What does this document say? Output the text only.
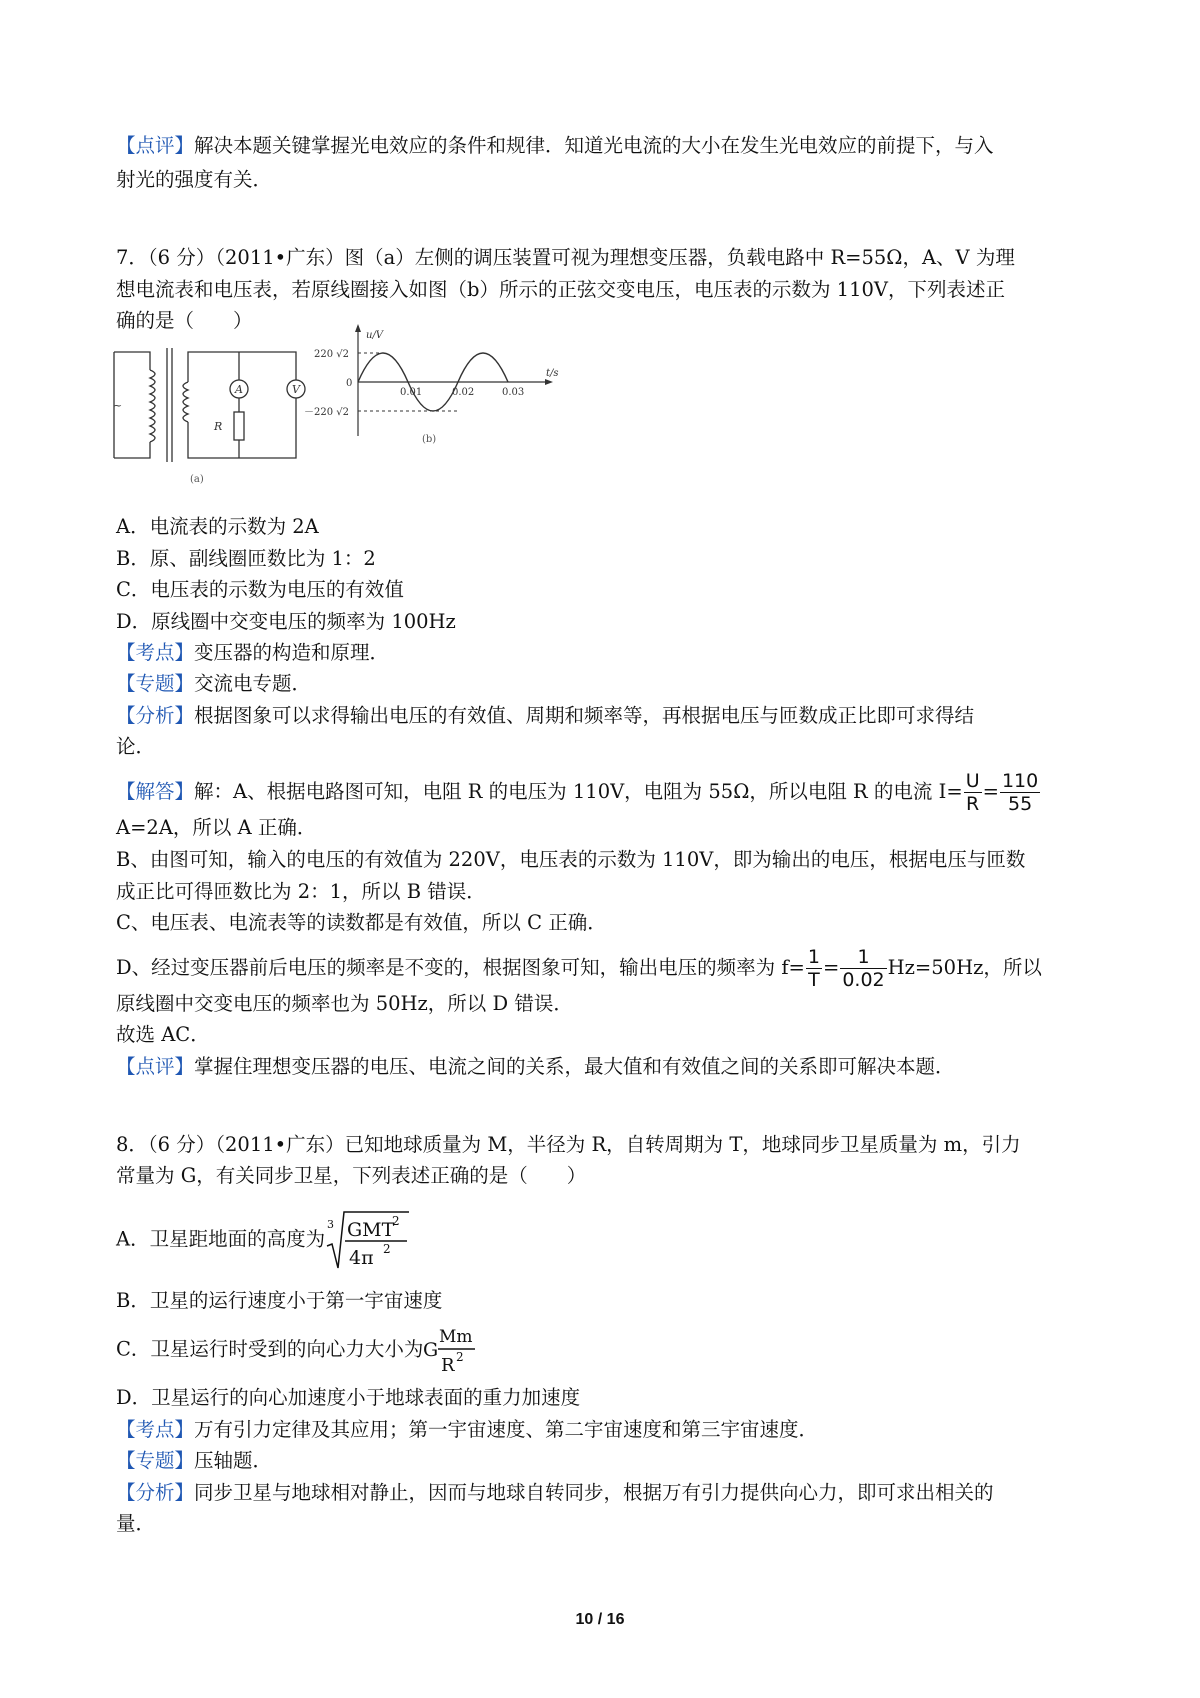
【点评】解决本题关键掌握光电效应的条件和规律．知道光电流的大小在发生光电效应的前提下，与入
射光的强度有关．
7．（6 分）（2011•广东）图（a）左侧的调压装置可视为理想变压器，负载电路中 R=55Ω，A、V 为理
想电流表和电压表，若原线圈接入如图（b）所示的正弦交变电压，电压表的示数为 110V，下列表述正
确的是（　　）
~
A	V
R
(a)
u/V
t/s
220 √2
－220 √2
0
0.01	0.02	0.03
(b)
A．电流表的示数为 2A
B．原、副线圈匝数比为 1：2
C．电压表的示数为电压的有效值
D．原线圈中交变电压的频率为 100Hz
【考点】变压器的构造和原理．
【专题】交流电专题．
【分析】根据图象可以求得输出电压的有效值、周期和频率等，再根据电压与匝数成正比即可求得结
论．
【解答】解：A、根据电路图可知，电阻 R 的电压为 110V，电阻为 55Ω，所以电阻 R 的电流 $I= \frac{U}{R} = \frac{110}{55}$
A=2A，所以 A 正确．
B、由图可知，输入的电压的有效值为 220V，电压表的示数为 110V，即为输出的电压，根据电压与匝数
成正比可得匝数比为 2：1，所以 B 错误．
C、电压表、电流表等的读数都是有效值，所以 C 正确．
D、经过变压器前后电压的频率是不变的，根据图象可知，输出电压的频率为 $f= \frac{1}{T} = \frac{1}{0.02} Hz=50Hz$，所以
原线圈中交变电压的频率也为 50Hz，所以 D 错误．
故选 AC．
【点评】掌握住理想变压器的电压、电流之间的关系，最大值和有效值之间的关系即可解决本题．
8．（6 分）（2011•广东）已知地球质量为 M，半径为 R，自转周期为 T，地球同步卫星质量为 m，引力
常量为 G，有关同步卫星，下列表述正确的是（　　）
A．卫星距地面的高度为
3 GMT
2
4π 2
B．卫星的运行速度小于第一宇宙速度
C．卫星运行时受到的向心力大小为 G
Mm
R 2
D．卫星运行的向心加速度小于地球表面的重力加速度
【考点】万有引力定律及其应用；第一宇宙速度、第二宇宙速度和第三宇宙速度．
【专题】压轴题．
【分析】同步卫星与地球相对静止，因而与地球自转同步，根据万有引力提供向心力，即可求出相关的
量．
10 / 16
